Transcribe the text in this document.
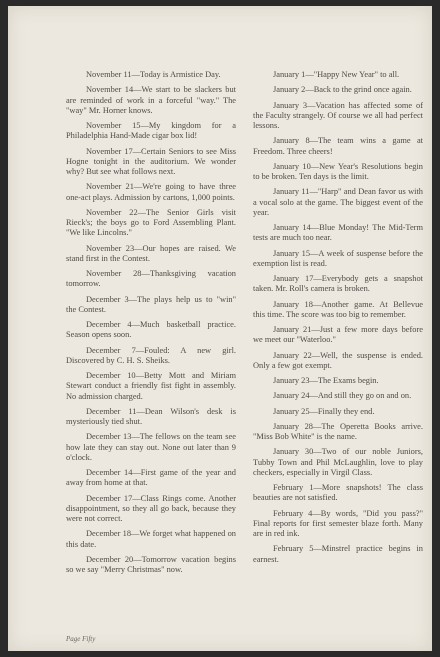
November 11—Today is Armistice Day.

November 14—We start to be slackers but are reminded of work in a forceful "way." The "way" Mr. Horner knows.

November 15—My kingdom for a Philadelphia Hand-Made cigar box lid!

November 17—Certain Seniors to see Miss Hogne tonight in the auditorium. We wonder why? But see what follows next.

November 21—We're going to have three one-act plays. Admission by cartons, 1,000 points.

November 22—The Senior Girls visit Rieck's; the boys go to Ford Assembling Plant. "We like Lincolns."

November 23—Our hopes are raised. We stand first in the Contest.

November 28—Thanksgiving vacation tomorrow.

December 3—The plays help us to "win" the Contest.

December 4—Much basketball practice. Season opens soon.

December 7—Fouled: A new girl. Discovered by C. H. S. Sheiks.

December 10—Betty Mott and Miriam Stewart conduct a friendly fist fight in assembly. No admission charged.

December 11—Dean Wilson's desk is mysteriously tied shut.

December 13—The fellows on the team see how late they can stay out. None out later than 9 o'clock.

December 14—First game of the year and away from home at that.

December 17—Class Rings come. Another disappointment, so they all go back, because they were not correct.

December 18—We forget what happened on this date.

December 20—Tomorrow vacation begins so we say "Merry Christmas" now.

January 1—"Happy New Year" to all.

January 2—Back to the grind once again.

January 3—Vacation has affected some of the Faculty strangely. Of course we all had perfect lessons.

January 8—The team wins a game at Freedom. Three cheers!

January 10—New Year's Resolutions begin to be broken. Ten days is the limit.

January 11—"Harp" and Dean favor us with a vocal solo at the game. The biggest event of the year.

January 14—Blue Monday! The Mid-Term tests are much too near.

January 15—A week of suspense before the exemption list is read.

January 17—Everybody gets a snapshot taken. Mr. Roll's camera is broken.

January 18—Another game. At Bellevue this time. The score was too big to remember.

January 21—Just a few more days before we meet our "Waterloo."

January 22—Well, the suspense is ended. Only a few got exempt.

January 23—The Exams begin.

January 24—And still they go on and on.

January 25—Finally they end.

January 28—The Operetta Books arrive. "Miss Bob White" is the name.

January 30—Two of our noble Juniors, Tubby Town and Phil McLaughlin, love to play checkers, especially in Virgil Class.

February 1—More snapshots! The class beauties are not satisfied.

February 4—By words, "Did you pass?" Final reports for first semester blaze forth. Many are in red ink.

February 5—Minstrel practice begins in earnest.

Page Fifty
